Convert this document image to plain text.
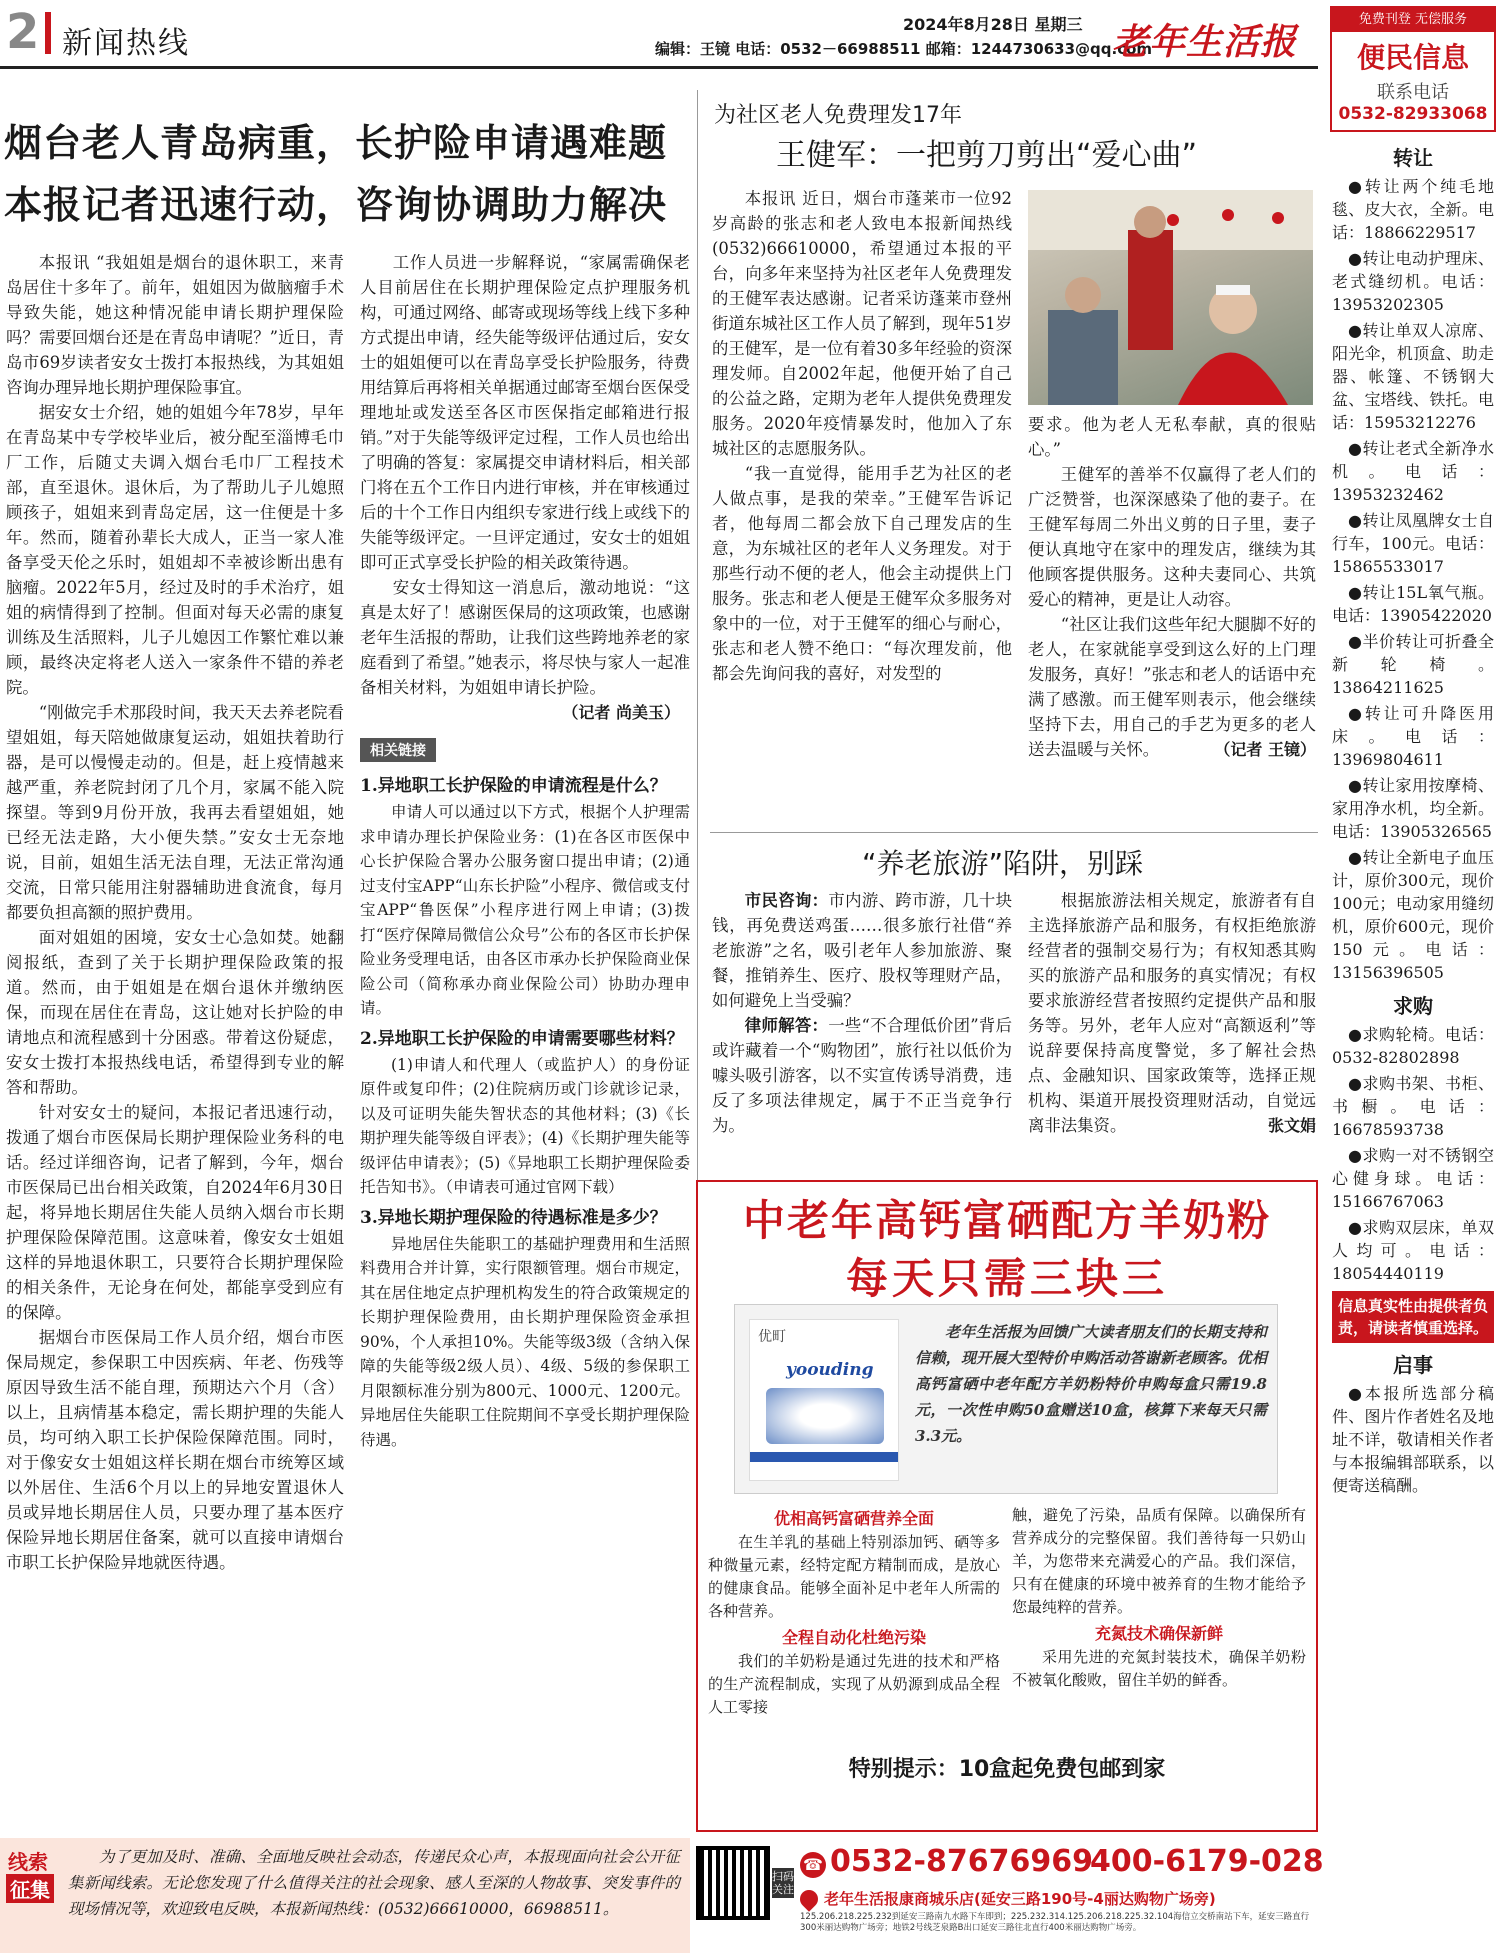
2 新闻热线
2024年8月28日 星期三
编辑：王镜 电话：0532－66988511 邮箱：1244730633@qq.com
老年生活报
烟台老人青岛病重，长护险申请遇难题
本报记者迅速行动，咨询协调助力解决

本报讯 “我姐姐是烟台的退休职工，来青岛居住十多年了。前年，姐姐因为做脑瘤手术导致失能，她这种情况能申请长期护理保险吗？需要回烟台还是在青岛申请呢？”近日，青岛市69岁读者安女士拨打本报热线，为其姐姐咨询办理异地长期护理保险事宜。

据安女士介绍，她的姐姐今年78岁，早年在青岛某中专学校毕业后，被分配至淄博毛巾厂工作，后随丈夫调入烟台毛巾厂工程技术部，直至退休。退休后，为了帮助儿子儿媳照顾孩子，姐姐来到青岛定居，这一住便是十多年。然而，随着孙辈长大成人，正当一家人准备享受天伦之乐时，姐姐却不幸被诊断出患有脑瘤。2022年5月，经过及时的手术治疗，姐姐的病情得到了控制。但面对每天必需的康复训练及生活照料，儿子儿媳因工作繁忙难以兼顾，最终决定将老人送入一家条件不错的养老院。

“刚做完手术那段时间，我天天去养老院看望姐姐，每天陪她做康复运动，姐姐扶着助行器，是可以慢慢走动的。但是，赶上疫情越来越严重，养老院封闭了几个月，家属不能入院探望。等到9月份开放，我再去看望姐姐，她已经无法走路，大小便失禁。”安女士无奈地说，目前，姐姐生活无法自理，无法正常沟通交流，日常只能用注射器辅助进食流食，每月都要负担高额的照护费用。

面对姐姐的困境，安女士心急如焚。她翻阅报纸，查到了关于长期护理保险政策的报道。然而，由于姐姐是在烟台退休并缴纳医保，而现在居住在青岛，这让她对长护险的申请地点和流程感到十分困惑。带着这份疑虑，安女士拨打本报热线电话，希望得到专业的解答和帮助。

针对安女士的疑问，本报记者迅速行动，拨通了烟台市医保局长期护理保险业务科的电话。经过详细咨询，记者了解到，今年，烟台市医保局已出台相关政策，自2024年6月30日起，将异地长期居住失能人员纳入烟台市长期护理保险保障范围。这意味着，像安女士姐姐这样的异地退休职工，只要符合长期护理保险的相关条件，无论身在何处，都能享受到应有的保障。

据烟台市医保局工作人员介绍，烟台市医保局规定，参保职工中因疾病、年老、伤残等原因导致生活不能自理，预期达六个月（含）以上，且病情基本稳定，需长期护理的失能人员，均可纳入职工长护保险保障范围。同时，对于像安女士姐姐这样长期在烟台市统筹区域以外居住、生活6个月以上的异地安置退休人员或异地长期居住人员，只要办理了基本医疗保险异地长期居住备案，就可以直接申请烟台市职工长护保险异地就医待遇。

工作人员进一步解释说，“家属需确保老人目前居住在长期护理保险定点护理服务机构，可通过网络、邮寄或现场等线上线下多种方式提出申请，经失能等级评估通过后，安女士的姐姐便可以在青岛享受长护险服务，待费用结算后再将相关单据通过邮寄至烟台医保受理地址或发送至各区市医保指定邮箱进行报销。”对于失能等级评定过程，工作人员也给出了明确的答复：家属提交申请材料后，相关部门将在五个工作日内进行审核，并在审核通过后的十个工作日内组织专家进行线上或线下的失能等级评定。一旦评定通过，安女士的姐姐即可正式享受长护险的相关政策待遇。

安女士得知这一消息后，激动地说：“这真是太好了！感谢医保局的这项政策，也感谢老年生活报的帮助，让我们这些跨地养老的家庭看到了希望。”她表示，将尽快与家人一起准备相关材料，为姐姐申请长护险。

（记者 尚美玉）
相关链接
1.异地职工长护保险的申请流程是什么？

申请人可以通过以下方式，根据个人护理需求申请办理长护保险业务：(1)在各区市医保中心长护保险合署办公服务窗口提出申请；(2)通过支付宝APP“山东长护险”小程序、微信或支付宝APP“鲁医保”小程序进行网上申请；(3)拨打“医疗保障局微信公众号”公布的各区市长护保险业务受理电话，由各区市承办长护保险商业保险公司（简称承办商业保险公司）协助办理申请。

2.异地职工长护保险的申请需要哪些材料？

(1)申请人和代理人（或监护人）的身份证原件或复印件；(2)住院病历或门诊就诊记录，以及可证明失能失智状态的其他材料；(3)《长期护理失能等级自评表》；(4)《长期护理失能等级评估申请表》；(5)《异地职工长期护理保险委托告知书》。（申请表可通过官网下载）

3.异地长期护理保险的待遇标准是多少？

异地居住失能职工的基础护理费用和生活照料费用合并计算，实行限额管理。烟台市规定，其在居住地定点护理机构发生的符合政策规定的长期护理保险费用，由长期护理保险资金承担90%，个人承担10%。失能等级3级（含纳入保障的失能等级2级人员）、4级、5级的参保职工月限额标准分别为800元、1000元、1200元。异地居住失能职工住院期间不享受长期护理保险待遇。

为社区老人免费理发17年
王健军：一把剪刀剪出“爱心曲”

本报讯 近日，烟台市蓬莱市一位92岁高龄的张志和老人致电本报新闻热线(0532)66610000，希望通过本报的平台，向多年来坚持为社区老年人免费理发的王健军表达感谢。记者采访蓬莱市登州街道东城社区工作人员了解到，现年51岁的王健军，是一位有着30多年经验的资深理发师。自2002年起，他便开始了自己的公益之路，定期为老年人提供免费理发服务。2020年疫情暴发时，他加入了东城社区的志愿服务队。

“我一直觉得，能用手艺为社区的老人做点事，是我的荣幸。”王健军告诉记者，他每周二都会放下自己理发店的生意，为东城社区的老年人义务理发。对于那些行动不便的老人，他会主动提供上门服务。张志和老人便是王健军众多服务对象中的一位，对于王健军的细心与耐心，张志和老人赞不绝口：“每次理发前，他都会先询问我的喜好，对发型的

要求。他为老人无私奉献，真的很贴心。”

王健军的善举不仅赢得了老人们的广泛赞誉，也深深感染了他的妻子。在王健军每周二外出义剪的日子里，妻子便认真地守在家中的理发店，继续为其他顾客提供服务。这种夫妻同心、共筑爱心的精神，更是让人动容。

“社区让我们这些年纪大腿脚不好的老人，在家就能享受到这么好的上门理发服务，真好！”张志和老人的话语中充满了感激。而王健军则表示，他会继续坚持下去，用自己的手艺为更多的老人送去温暖与关怀。	（记者 王镜）
“养老旅游”陷阱，别踩

市民咨询：市内游、跨市游，几十块钱，再免费送鸡蛋……很多旅行社借“养老旅游”之名，吸引老年人参加旅游、聚餐，推销养生、医疗、股权等理财产品，如何避免上当受骗？

律师解答：一些“不合理低价团”背后或许藏着一个“购物团”，旅行社以低价为噱头吸引游客，以不实宣传诱导消费，违反了多项法律规定，属于不正当竞争行为。

根据旅游法相关规定，旅游者有自主选择旅游产品和服务，有权拒绝旅游经营者的强制交易行为；有权知悉其购买的旅游产品和服务的真实情况；有权要求旅游经营者按照约定提供产品和服务等。另外，老年人应对“高额返利”等说辞要保持高度警觉，多了解社会热点、金融知识、国家政策等，选择正规机构、渠道开展投资理财活动，自觉远离非法集资。	张文娟
中老年高钙富硒配方羊奶粉
每天只需三块三
优町
yoouding

老年生活报为回馈广大读者朋友们的长期支持和信赖，现开展大型特价申购活动答谢新老顾客。优相高钙富硒中老年配方羊奶粉特价申购每盒只需19.8元，一次性申购50盒赠送10盒，核算下来每天只需3.3元。

优相高钙富硒营养全面

在生羊乳的基础上特别添加钙、硒等多种微量元素，经特定配方精制而成，是放心的健康食品。能够全面补足中老年人所需的各种营养。

全程自动化杜绝污染

我们的羊奶粉是通过先进的技术和严格的生产流程制成，实现了从奶源到成品全程人工零接

触，避免了污染，品质有保障。以确保所有营养成分的完整保留。我们善待每一只奶山羊，为您带来充满爱心的产品。我们深信，只有在健康的环境中被养育的生物才能给予您最纯粹的营养。

充氮技术确保新鲜

采用先进的充氮封装技术，确保羊奶粉不被氧化酸败，留住羊奶的鲜香。

特别提示：10盒起免费包邮到家
扫码关注
☎ 0532-87676969
400-6179-028
老年生活报康商城乐店(延安三路190号-4丽达购物广场旁)
125.206.218.225.232到延安三路南九水路下车即到；225.232.314.125.206.218.225.32.104海信立交桥南站下车，延安三路直行300米丽达购物广场旁；地铁2号线芝泉路B出口延安三路往北直行400米丽达购物广场旁。
线索
征集

为了更加及时、准确、全面地反映社会动态，传递民众心声，本报现面向社会公开征集新闻线索。无论您发现了什么值得关注的社会现象、感人至深的人物故事、突发事件的现场情况等，欢迎致电反映，本报新闻热线：(0532)66610000，66988511。

免费刊登 无偿服务
便民信息
联系电话
0532-82933068
转让

●转让两个纯毛地毯、皮大衣，全新。电话：18866229517

●转让电动护理床、老式缝纫机。电话：13953202305

●转让单双人凉席、阳光伞，机顶盒、助走器、帐篷、不锈钢大盆、宝塔线、铁托。电话：15953212276

●转让老式全新净水机。电话：13953232462

●转让凤凰牌女士自行车，100元。电话：15865533017

●转让15L氧气瓶。电话：13905422020

●半价转让可折叠全新轮椅。13864211625

●转让可升降医用床。电话：13969804611

●转让家用按摩椅、家用净水机，均全新。电话：13905326565

●转让全新电子血压计，原价300元，现价100元；电动家用缝纫机，原价600元，现价150元。电话：13156396505

求购

●求购轮椅。电话：0532-82802898

●求购书架、书柜、书橱。电话：16678593738

●求购一对不锈钢空心健身球。电话：15166767063

●求购双层床，单双人均可。电话：18054440119

信息真实性由提供者负责，请读者慎重选择。
启事

●本报所选部分稿件、图片作者姓名及地址不详，敬请相关作者与本报编辑部联系，以便寄送稿酬。
